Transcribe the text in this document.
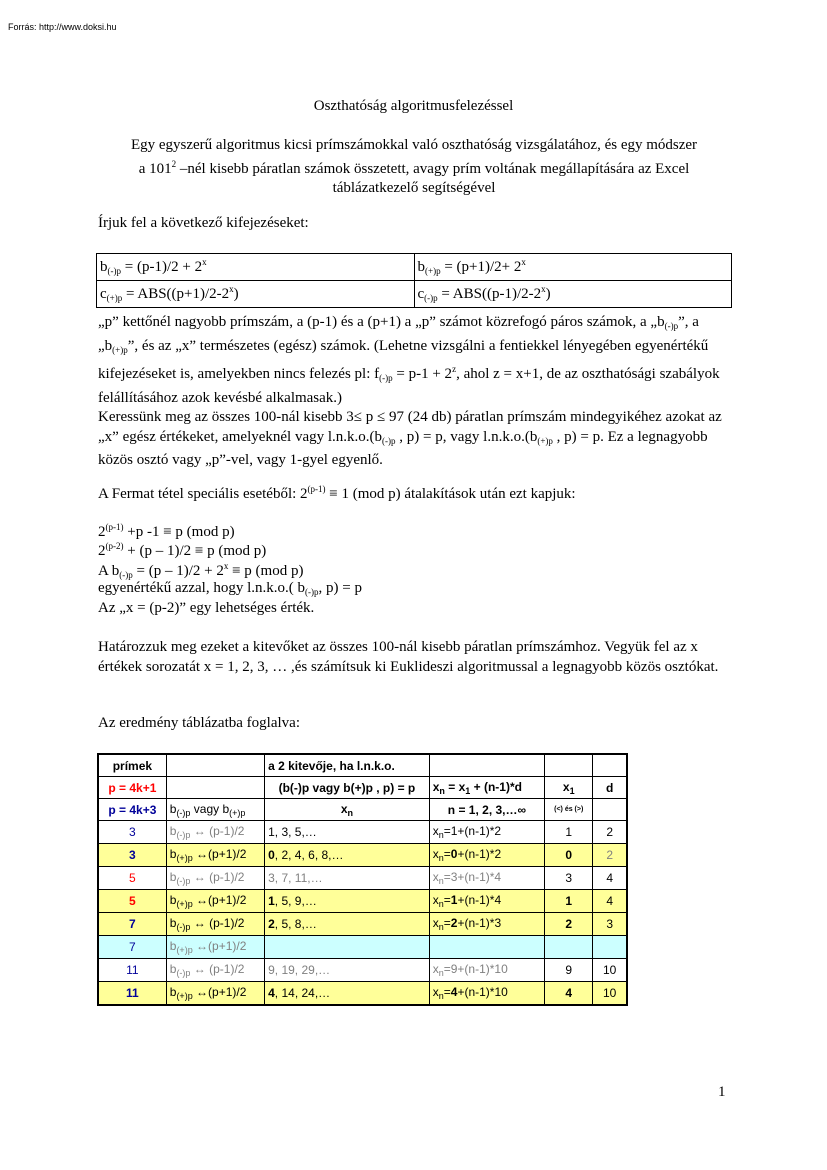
Forrás: http://www.doksi.hu
Oszthatóság algoritmusfelezéssel
Egy egyszerű algoritmus kicsi prímszámokkal való oszthatóság vizsgálatához, és egy módszer
a $101^2$ –nél kisebb páratlan számok összetett, avagy prím voltának megállapítására az Excel
táblázatkezelő segítségével
Írjuk fel a következő kifejezéseket:
$b_{(-)p} = (p-1)/2 + 2^x$	$b_{(+)p} = (p+1)/2+ 2^x$
$c_{(+)p} = ABS((p+1)/2-2^x)$	$c_{(-)p} = ABS((p-1)/2-2^x)$
„p” kettőnél nagyobb prímszám, a (p-1) és a (p+1) a „p” számot közrefogó páros számok, a $„b_{(-)p}$”, a $„b_{(+)p}$”, és az „x” természetes (egész) számok. (Lehetne vizsgálni a fentiekkel lényegében egyenértékű kifejezéseket is, amelyekben nincs felezés pl: $f_{(-)p} = p-1 + 2^z$, ahol z = x+1, de az oszthatósági szabályok felállításához azok kevésbé alkalmasak.)
Keressünk meg az összes 100-nál kisebb 3≤ p ≤ 97 (24 db) páratlan prímszám mindegyikéhez azokat az „x” egész értékeket, amelyeknél vagy $l.n.k.o.(b_{(-)p}$ , p) = p, vagy $l.n.k.o.(b_{(+)p}$ , p) = p. Ez a legnagyobb közös osztó vagy „p”-vel, vagy 1-gyel egyenlő.
A Fermat tétel speciális esetéből: $2^{(p-1)} \equiv 1$ (mod p) átalakítások után ezt kapjuk:
$2^{(p-1)} +p$ -1 ≡ p (mod p)
$2^{(p-2)} + (p - 1)/2 \equiv p$ (mod p)
A $b_{(-)p} = (p - 1)/2 + 2^x \equiv p$ (mod p)
egyenértékű azzal, hogy l.n.k.o.( $b_{(-)p}$, p) = p
Az „x = (p-2)” egy lehetséges érték.
Határozzuk meg ezeket a kitevőket az összes 100-nál kisebb páratlan prímszámhoz. Vegyük fel az x értékek sorozatát x = 1, 2, 3, … ,és számítsuk ki Euklideszi algoritmussal a legnagyobb közös osztókat.
Az eredmény táblázatba foglalva:
prímek		a 2 kitevője, ha l.n.k.o.			
p = 4k+1		(b(-)p vagy b(+)p , p) = p	$x_n = x_1 + (n-1)*d$	$x_1$	d
p = 4k+3	$b_{(-)p}$ vagy $b_{(+)p}$	$x_n$	n = 1, 2, 3,…∞	(<) és (>)	
3	$b_{(-)p}$ ↔ (p-1)/2	1, 3, 5,…	$x_n=1+(n-1)*2$	1	2
3	$b_{(+)p}$ ↔(p+1)/2	0, 2, 4, 6, 8,…	$x_n=0+(n-1)*2$	0	2
5	$b_{(-)p}$ ↔ (p-1)/2	3, 7, 11,…	$x_n=3+(n-1)*4$	3	4
5	$b_{(+)p}$ ↔(p+1)/2	1, 5, 9,…	$x_n=1+(n-1)*4$	1	4
7	$b_{(-)p}$ ↔ (p-1)/2	2, 5, 8,…	$x_n=2+(n-1)*3$	2	3
7	$b_{(+)p}$ ↔(p+1)/2				
11	$b_{(-)p}$ ↔ (p-1)/2	9, 19, 29,…	$x_n=9+(n-1)*10$	9	10
11	$b_{(+)p}$ ↔(p+1)/2	4, 14, 24,…	$x_n=4+(n-1)*10$	4	10
1
